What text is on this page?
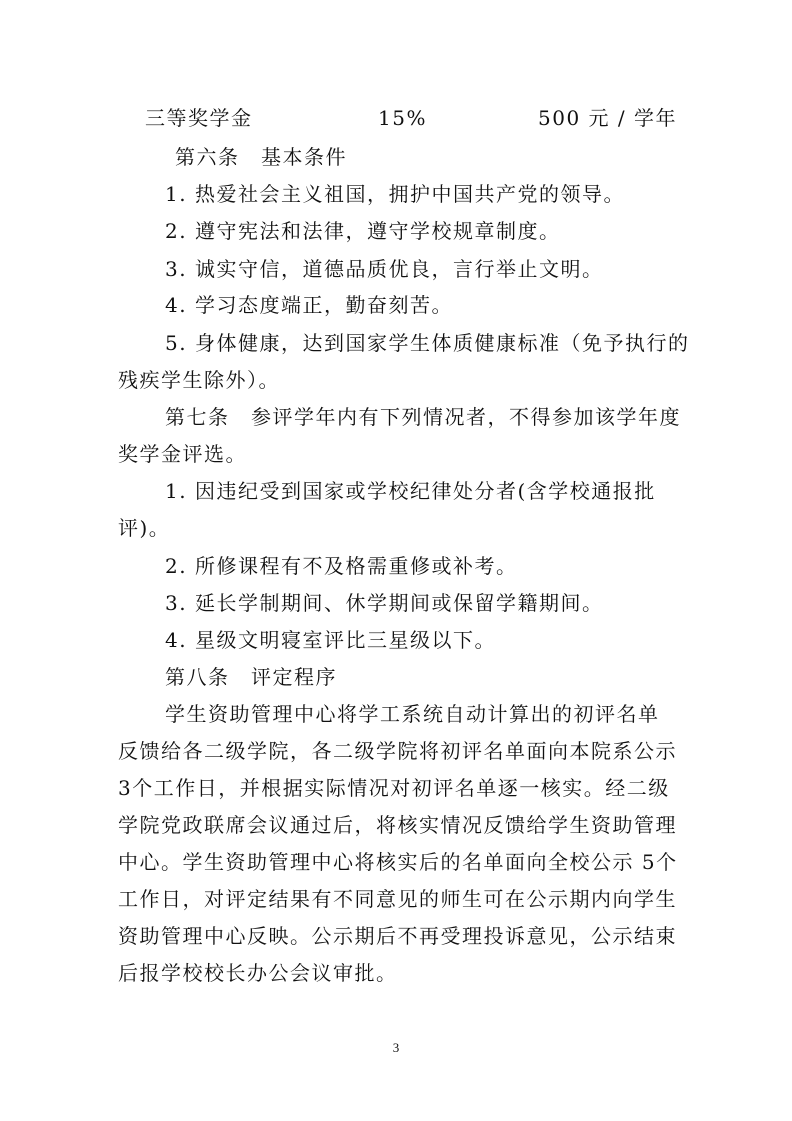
三等奖学金	15%	500 元 / 学年
第六条　基本条件
1. 热爱社会主义祖国，拥护中国共产党的领导。
2. 遵守宪法和法律，遵守学校规章制度。
3. 诚实守信，道德品质优良，言行举止文明。
4. 学习态度端正，勤奋刻苦。
5. 身体健康，达到国家学生体质健康标准（免予执行的
残疾学生除外）。
第七条　参评学年内有下列情况者，不得参加该学年度
奖学金评选。
1. 因违纪受到国家或学校纪律处分者(含学校通报批
评)。
2. 所修课程有不及格需重修或补考。
3. 延长学制期间、休学期间或保留学籍期间。
4. 星级文明寝室评比三星级以下。
第八条　评定程序
学生资助管理中心将学工系统自动计算出的初评名单
反馈给各二级学院，各二级学院将初评名单面向本院系公示
3个工作日，并根据实际情况对初评名单逐一核实。经二级
学院党政联席会议通过后，将核实情况反馈给学生资助管理
中心。学生资助管理中心将核实后的名单面向全校公示 5个
工作日，对评定结果有不同意见的师生可在公示期内向学生
资助管理中心反映。公示期后不再受理投诉意见，公示结束
后报学校校长办公会议审批。
3
